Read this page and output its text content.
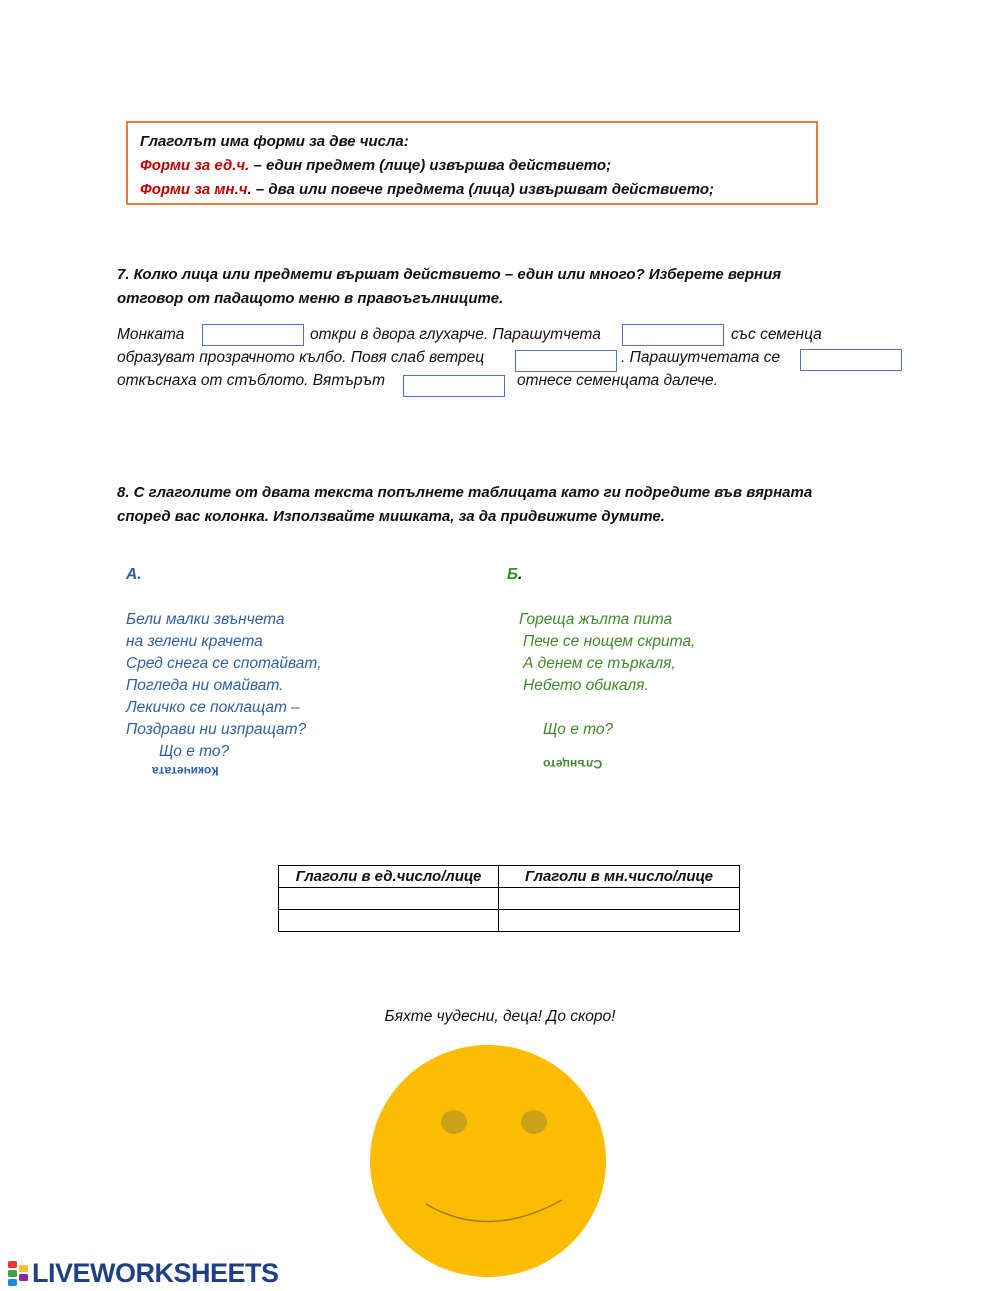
Глаголът има форми за две числа:
Форми за ед.ч. – един предмет (лице) извършва действието;
Форми за мн.ч. – два или повече предмета (лица) извършват действието;
7. Колко лица или предмети вършат действието – един или много? Изберете верния
отговор от падащото меню в правоъгълниците.
Монката	откри в двора глухарче. Парашутчета	със семенца
образуват прозрачното кълбо. Повя слаб ветрец	. Парашутчетата се
откъснаха от стъблото. Вятърът	отнесе семенцата далече.
8. С глаголите от двата текста попълнете таблицата като ги подредите във вярната
според вас колонка. Използвайте мишката, за да придвижите думите.
А.
Бели малки звънчета
на зелени крачета
Сред снега се спотайват,
Погледа ни омайват.
Лекичко се поклащат –
Поздрави ни изпращат?
Що е то?
Кокичетата
Б.
Гореща жълта пита
Пече се нощем скрита,
А денем се търкаля,
Небето обикаля.
Що е то?
Слънцето
Глаголи в ед.число/лице	Глаголи в мн.число/лице

Бяхте чудесни, деца! До скоро!
LIVEWORKSHEETS
